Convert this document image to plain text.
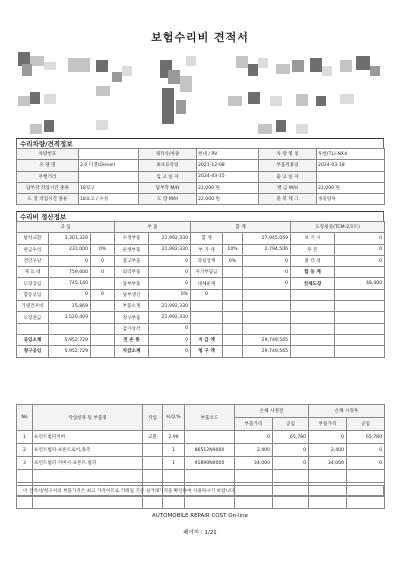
보험수리비 견적서
수리차량/견적정보
차량번호		제작사/차종	현대 / RV	차 량 명 칭	투싼(TL)-NX4
모 델 명	2.0 디젤(Diesel)	최초등록일	2021-12-08	부품적용일	2024-03-18
주행거리		입 고 일 자	2024-03-15	출 고 일 자	
담부작 작업시간 종류	18장고	담부작 M/H	22,000 원	렌 금 M/H	22,000 원
도 장 작업시간 종류	18표고 / 수성	도 장 M/H	22,000 원	중 복 제 그	경중량차
수리비 정산정보
공 임			부 품		합 계			도장필증(TCM-2코트)	
탈착교환	3,301,320		수정부품	21,992,330	합 계		27,945,059	보 기 시	0
판금수리	231,000	0%	순정부품	21,992,330	부 가 세	10%	2,794,506	투 폰	0
견인구난	0	0	중고부품	0	과실상계	0%	0	폴 더 성	0
제 료 대	759,600	0	외리부품	0	자기부담금		0	합 동 계	
도장공임	745,140		당부부품	0	대체운재		0	전체도장	48,400
합동공임	0	0	당부생산	0%	0				
가열건조비	15,869		부품소계	21,992,330					
도장잔금	1,520,409		정구부품	21,992,330					
			감가상각	0					
공임소계	5,952,729		전 손 통	0	지 급 액		29,749,565		
청구공임	5,952,729		차감소계	0	청 구 액		29,749,565		
No	작업항목 및 부품명	작업	H,Q,%	부품코드	손해 사정전		손해 사정후	
					부품가격	공임	부품가격	공임
1	프런트범퍼커버	교환	2.99		0	65,780	0	65,780
2	프런트범퍼-프론트로어,좌측		1	86512N9000	2,400	0	2,400	0
3	프런트범퍼 커버서-프론트.범퍼		1	91890N9000	34,000	0	34,000	0

이 견적서/청구서의 부품가격은 최고 가격이므로 거래업 기준 실거래가격을 확인하여 사용하시기 바랍니다.
AUTOMOBILE REPAIR COST On-line
페이지 : 1/21
